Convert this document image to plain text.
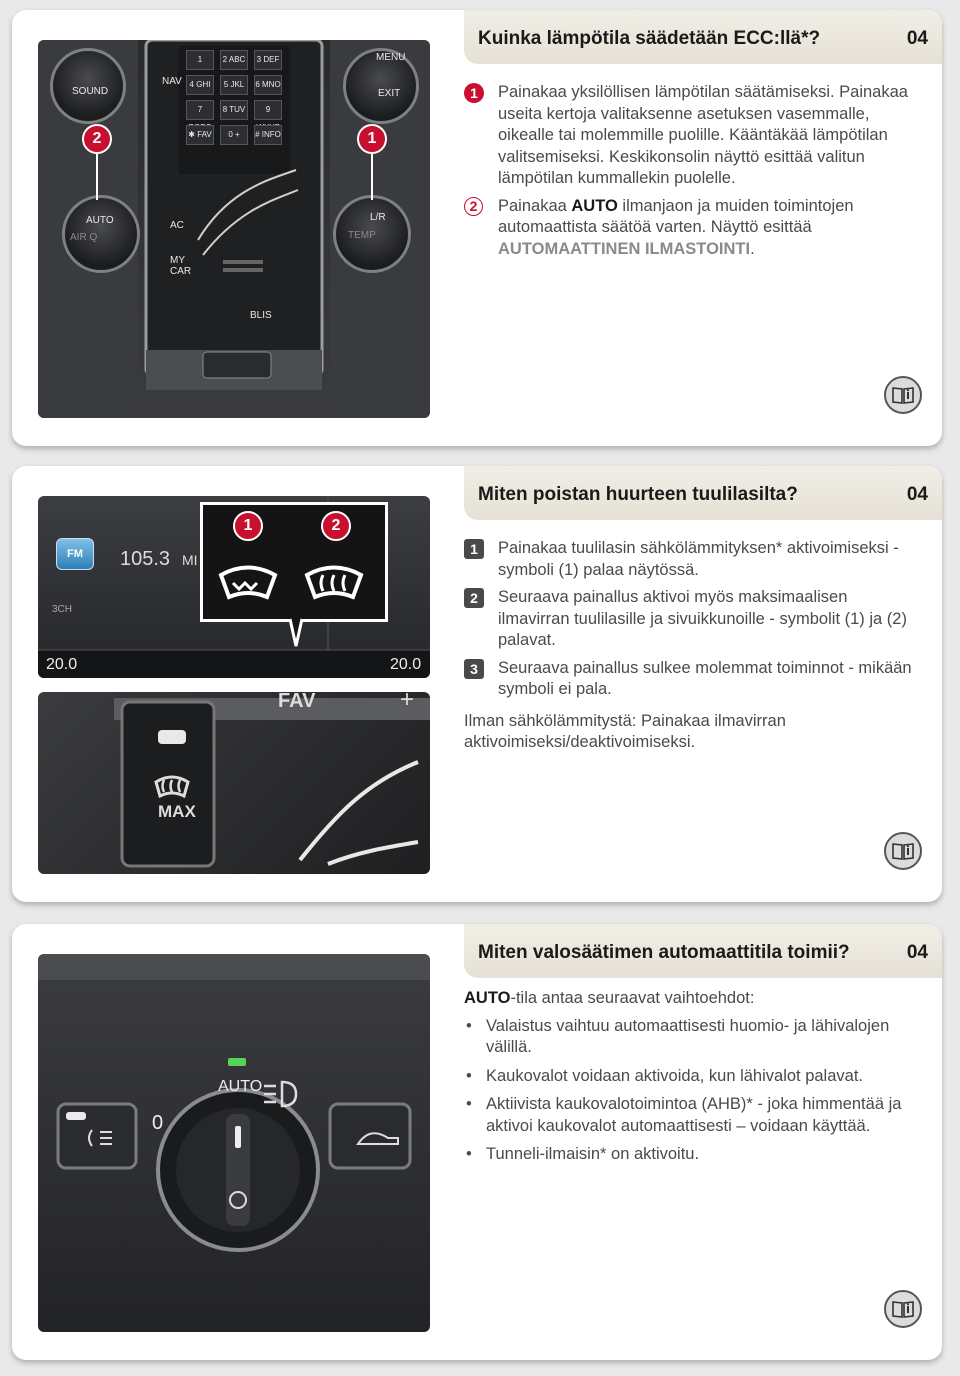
SOUND
AUTO
AIR Q
MENU
EXIT
L/R
TEMP
NAV
AC
MY CAR
BLIS
1	2 ABC	3 DEF
4 GHI	5 JKL	6 MNO
7	8 TUV	9
✱ FAV	0 +	# INFO
2	1
Kuinka lämpötila säädetään ECC:llä*?	04
1	Painakaa yksilöllisen lämpötilan säätämiseksi. Painakaa useita kertoja valitaksenne asetuksen vasemmalle, oikealle tai molemmille puolille. Kääntäkää lämpötilan valitsemiseksi. Keskikonsolin näyttö esittää valitun lämpötilan kummallekin puolelle.
2	Painakaa AUTO ilmanjaon ja muiden toimintojen automaattista säätöä varten. Näyttö esittää AUTOMAATTINEN ILMASTOINTI.
FM	105.3 MI
3CH
20.0	20.0
1	2
FAV	+
MAX
Miten poistan huurteen tuulilasilta?	04
1	Painakaa tuulilasin sähkölämmityksen* aktivoimiseksi - symboli (1) palaa näytössä.
2	Seuraava painallus aktivoi myös maksimaalisen ilmavirran tuulilasille ja sivuikkunoille - symbolit (1) ja (2) palavat.
3	Seuraava painallus sulkee molemmat toiminnot - mikään symboli ei pala.
Ilman sähkölämmitystä: Painakaa ilmavirran aktivoimiseksi/deaktivoimiseksi.
AUTO
0
Miten valosäätimen automaattitila toimii?	04
AUTO-tila antaa seuraavat vaihtoehdot:
• Valaistus vaihtuu automaattisesti huomio- ja lähivalojen välillä.
• Kaukovalot voidaan aktivoida, kun lähivalot palavat.
• Aktiivista kaukovalotoimintoa (AHB)* - joka himmentää ja aktivoi kaukovalot automaattisesti – voidaan käyttää.
• Tunneli-ilmaisin* on aktivoitu.
